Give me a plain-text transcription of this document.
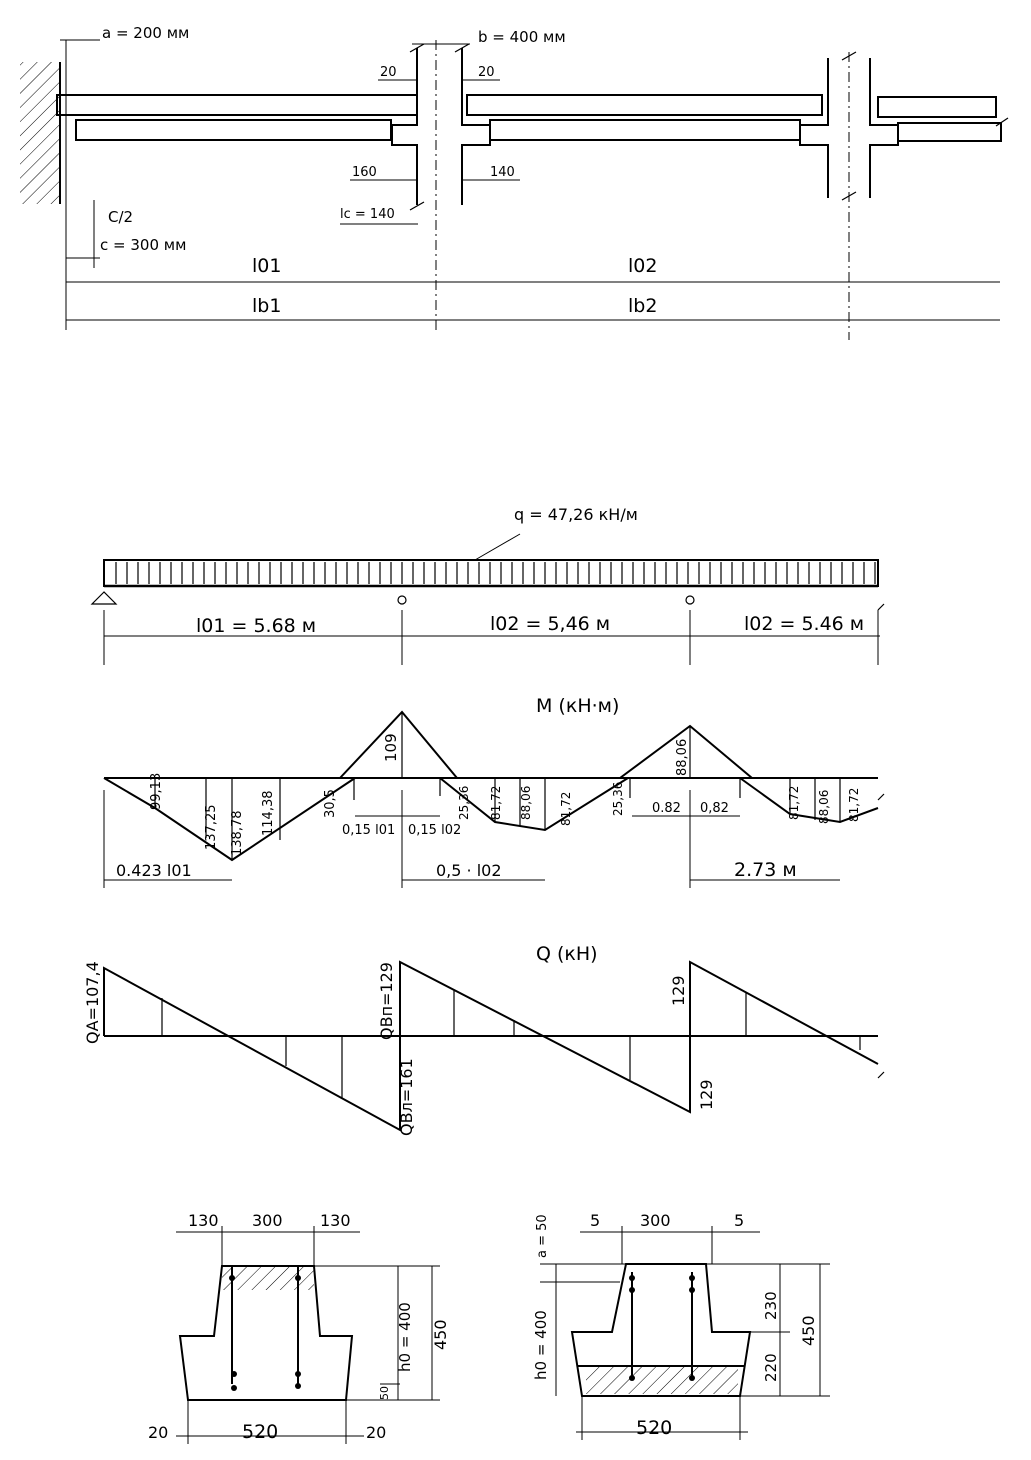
a = 200 мм	b = 400 мм
20	20
160	140
lc = 140
C/2
c = 300 мм
l01	l02
lb1	lb2
q = 47,26 кН/м
l01 = 5.68 м	l02 = 5,46 м	l02 = 5.46 м
M (кН·м)
99,13
137,25 138,78 114,38	30,5
109
25,36 81,72 88,06 81,72	25,36
88,06
81,72 88,06 81,72
0,15 l01 0,15 l02
0.82 0,82
0.423 l01	0,5 · l02	2.73 м
Q (кН)
QA=107,4	QBп=129
QBл=161
129
129
130 300 130
h0 = 400 450
50
520
20	20
a = 50	5 300	5
h0 = 400
230
220
450
520
